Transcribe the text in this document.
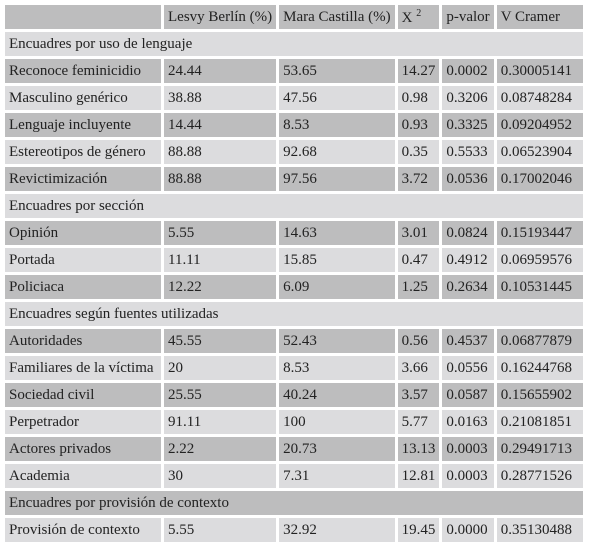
	Lesvy Berlín (%)	Mara Castilla (%)	X $^2$	p-valor	V Cramer
Encuadres por uso de lenguaje					
Reconoce feminicidio	24.44	53.65	14.27	0.0002	0.30005141
Masculino genérico	38.88	47.56	0.98	0.3206	0.08748284
Lenguaje incluyente	14.44	8.53	0.93	0.3325	0.09204952
Estereotipos de género	88.88	92.68	0.35	0.5533	0.06523904
Revictimización	88.88	97.56	3.72	0.0536	0.17002046
Encuadres por sección					
Opinión	5.55	14.63	3.01	0.0824	0.15193447
Portada	11.11	15.85	0.47	0.4912	0.06959576
Policiaca	12.22	6.09	1.25	0.2634	0.10531445
Encuadres según fuentes utilizadas					
Autoridades	45.55	52.43	0.56	0.4537	0.06877879
Familiares de la víctima	20	8.53	3.66	0.0556	0.16244768
Sociedad civil	25.55	40.24	3.57	0.0587	0.15655902
Perpetrador	91.11	100	5.77	0.0163	0.21081851
Actores privados	2.22	20.73	13.13	0.0003	0.29491713
Academia	30	7.31	12.81	0.0003	0.28771526
Encuadres por provisión de contexto					
Provisión de contexto	5.55	32.92	19.45	0.0000	0.35130488
